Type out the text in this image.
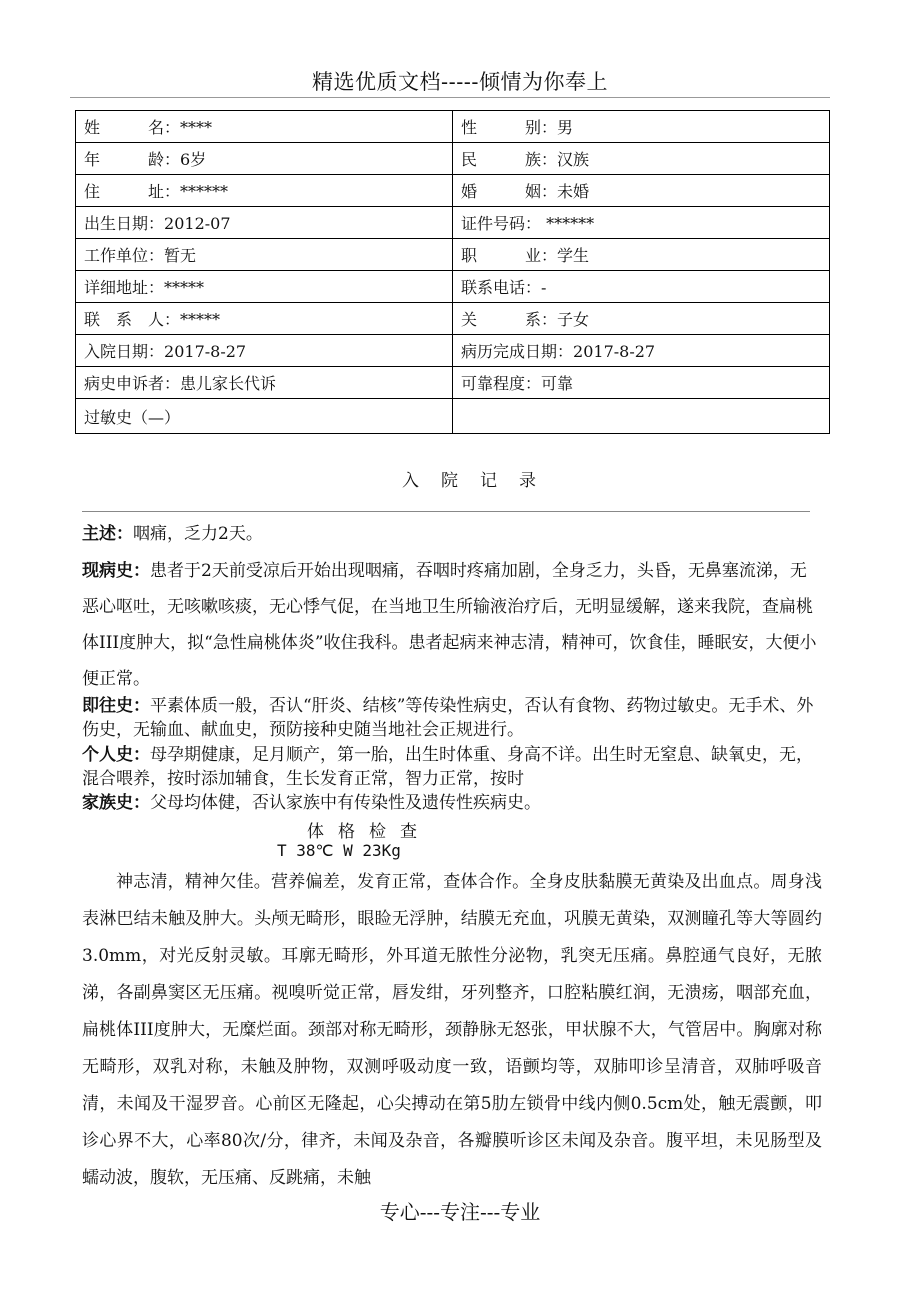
精选优质文档-----倾情为你奉上
姓名：****	性别：男
年龄：6岁	民族：汉族
住址：******	婚姻：未婚
出生日期：2012-07	证件号码： ******
工作单位：暂无	职业：学生
详细地址：*****	联系电话：-
联系人：*****	关系：子女
入院日期：2017-8-27	病历完成日期：2017-8-27
病史申诉者：患儿家长代诉	可靠程度：可靠
过敏史（—）	
入院记录
主述：咽痛，乏力2天。
现病史：患者于2天前受凉后开始出现咽痛，吞咽时疼痛加剧，全身乏力，头昏，无鼻塞流涕，无恶心呕吐，无咳嗽咳痰，无心悸气促，在当地卫生所输液治疗后，无明显缓解，遂来我院，查扁桃体III度肿大，拟“急性扁桃体炎”收住我科。患者起病来神志清，精神可，饮食佳，睡眠安，大便小便正常。
即往史：平素体质一般，否认“肝炎、结核”等传染性病史，否认有食物、药物过敏史。无手术、外伤史，无输血、献血史，预防接种史随当地社会正规进行。
个人史：母孕期健康，足月顺产，第一胎，出生时体重、身高不详。出生时无窒息、缺氧史，无，混合喂养，按时添加辅食，生长发育正常，智力正常，按时
家族史：父母均体健，否认家族中有传染性及遗传性疾病史。
体格检查
T 38℃ W 23Kg
神志清，精神欠佳。营养偏差，发育正常，查体合作。全身皮肤黏膜无黄染及出血点。周身浅表淋巴结未触及肿大。头颅无畸形，眼睑无浮肿，结膜无充血，巩膜无黄染，双测瞳孔等大等圆约3.0mm，对光反射灵敏。耳廓无畸形，外耳道无脓性分泌物，乳突无压痛。鼻腔通气良好，无脓涕，各副鼻窦区无压痛。视嗅听觉正常，唇发绀，牙列整齐，口腔粘膜红润，无溃疡，咽部充血，扁桃体III度肿大，无糜烂面。颈部对称无畸形，颈静脉无怒张，甲状腺不大，气管居中。胸廓对称无畸形，双乳对称，未触及肿物，双测呼吸动度一致，语颤均等，双肺叩诊呈清音，双肺呼吸音清，未闻及干湿罗音。心前区无隆起，心尖搏动在第5肋左锁骨中线内侧0.5cm处，触无震颤，叩诊心界不大，心率80次/分，律齐，未闻及杂音，各瓣膜听诊区未闻及杂音。腹平坦，未见肠型及蠕动波，腹软，无压痛、反跳痛，未触
专心---专注---专业
